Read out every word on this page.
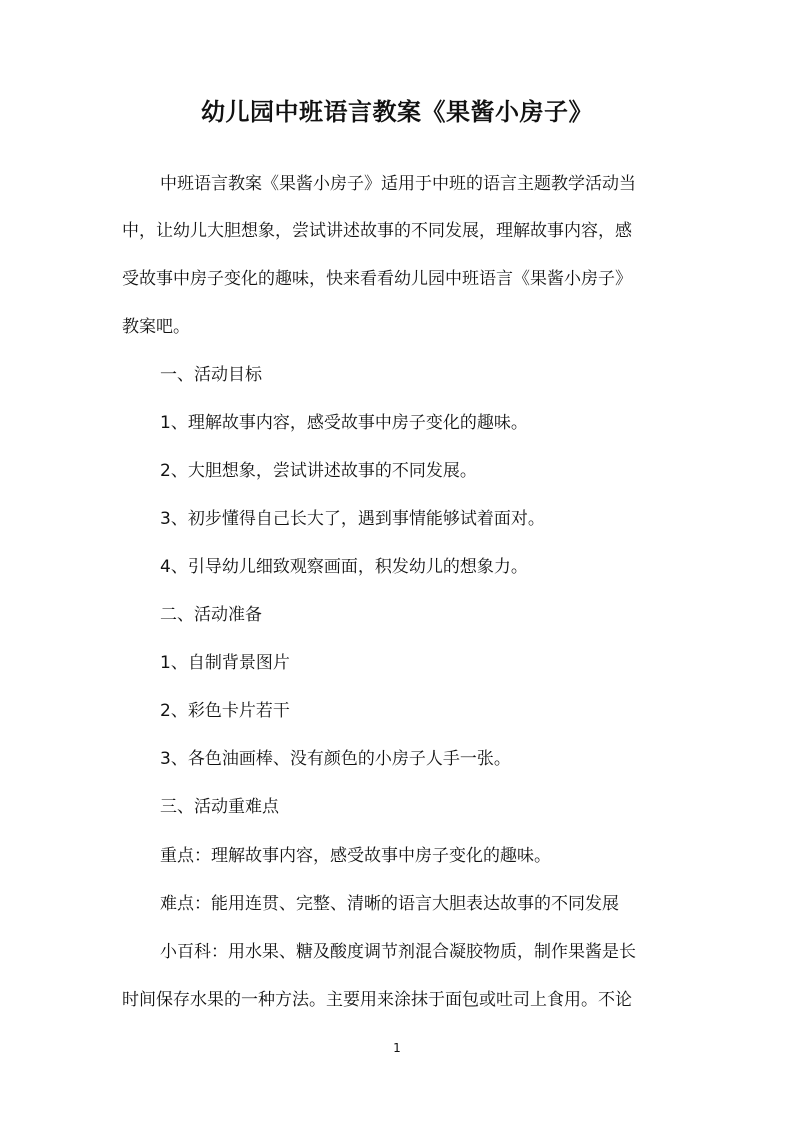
幼儿园中班语言教案《果酱小房子》
中班语言教案《果酱小房子》适用于中班的语言主题教学活动当
中，让幼儿大胆想象，尝试讲述故事的不同发展，理解故事内容，感
受故事中房子变化的趣味，快来看看幼儿园中班语言《果酱小房子》
教案吧。
一、活动目标
1、理解故事内容，感受故事中房子变化的趣味。
2、大胆想象，尝试讲述故事的不同发展。
3、初步懂得自己长大了，遇到事情能够试着面对。
4、引导幼儿细致观察画面，积发幼儿的想象力。
二、活动准备
1、自制背景图片
2、彩色卡片若干
3、各色油画棒、没有颜色的小房子人手一张。
三、活动重难点
重点：理解故事内容，感受故事中房子变化的趣味。
难点：能用连贯、完整、清晰的语言大胆表达故事的不同发展
小百科：用水果、糖及酸度调节剂混合凝胶物质，制作果酱是长
时间保存水果的一种方法。主要用来涂抹于面包或吐司上食用。不论
1
